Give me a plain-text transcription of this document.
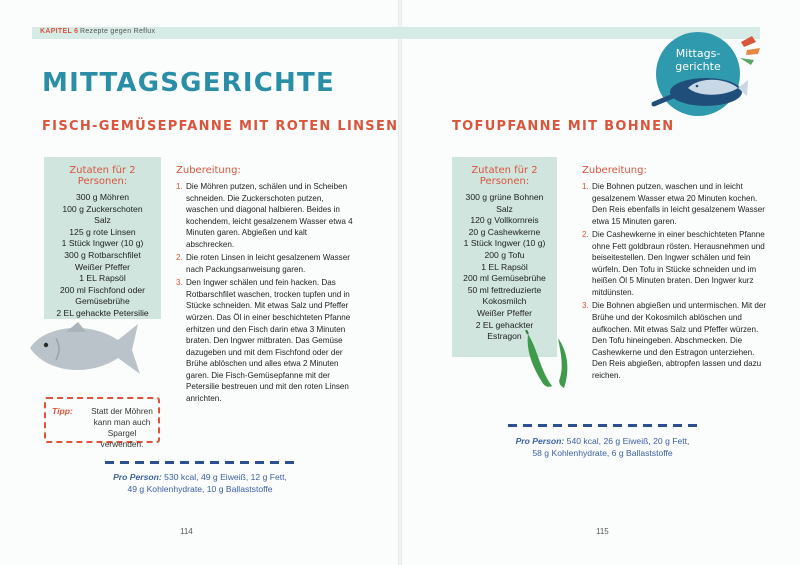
KAPITEL 6 Rezepte gegen Reflux
MITTAGSGERICHTE
Mittags-
gerichte
FISCH-GEMÜSEPFANNE MIT ROTEN LINSEN
Zutaten für 2 Personen:
300 g Möhren
100 g Zuckerschoten
Salz
125 g rote Linsen
1 Stück Ingwer (10 g)
300 g Rotbarschfilet
Weißer Pfeffer
1 EL Rapsöl
200 ml Fischfond oder
Gemüsebrühe
2 EL gehackte Petersilie
Zubereitung:
1. Die Möhren putzen, schälen und in Scheiben schneiden. Die Zuckerschoten putzen, waschen und diagonal halbieren. Beides in kochendem, leicht gesalzenem Wasser etwa 4 Minuten garen. Abgießen und kalt abschrecken.
2. Die roten Linsen in leicht gesalzenem Wasser nach Packungsanweisung garen.
3. Den Ingwer schälen und fein hacken. Das Rotbarschfilet waschen, trocken tupfen und in Stücke schneiden. Mit etwas Salz und Pfeffer würzen. Das Öl in einer beschichteten Pfanne erhitzen und den Fisch darin etwa 3 Minuten braten. Den Ingwer mitbraten. Das Gemüse dazugeben und mit dem Fischfond oder der Brühe ablöschen und alles etwa 2 Minuten garen. Die Fisch-Gemüsepfanne mit der Petersilie bestreuen und mit den roten Linsen anrichten.
Tipp:	Statt der Möhren kann man auch Spargel verwenden.
Pro Person: 530 kcal, 49 g Eiweiß, 12 g Fett,
49 g Kohlenhydrate, 10 g Ballaststoffe
114
TOFUPFANNE MIT BOHNEN
Zutaten für 2 Personen:
300 g grüne Bohnen
Salz
120 g Vollkornreis
20 g Cashewkerne
1 Stück Ingwer (10 g)
200 g Tofu
1 EL Rapsöl
200 ml Gemüsebrühe
50 ml fettreduzierte
Kokosmilch
Weißer Pfeffer
2 EL gehackter Estragon
Zubereitung:
1. Die Bohnen putzen, waschen und in leicht gesalzenem Wasser etwa 20 Minuten kochen. Den Reis ebenfalls in leicht gesalzenem Wasser etwa 15 Minuten garen.
2. Die Cashewkerne in einer beschichteten Pfanne ohne Fett goldbraun rösten. Herausnehmen und beiseitestellen. Den Ingwer schälen und fein würfeln. Den Tofu in Stücke schneiden und im heißen Öl 5 Minuten braten. Den Ingwer kurz mitdünsten.
3. Die Bohnen abgießen und untermischen. Mit der Brühe und der Kokosmilch ablöschen und aufkochen. Mit etwas Salz und Pfeffer würzen. Den Tofu hineingeben. Abschmecken. Die Cashewkerne und den Estragon unterziehen. Den Reis abgießen, abtropfen lassen und dazu reichen.
Pro Person: 540 kcal, 26 g Eiweiß, 20 g Fett,
58 g Kohlenhydrate, 6 g Ballaststoffe
115
